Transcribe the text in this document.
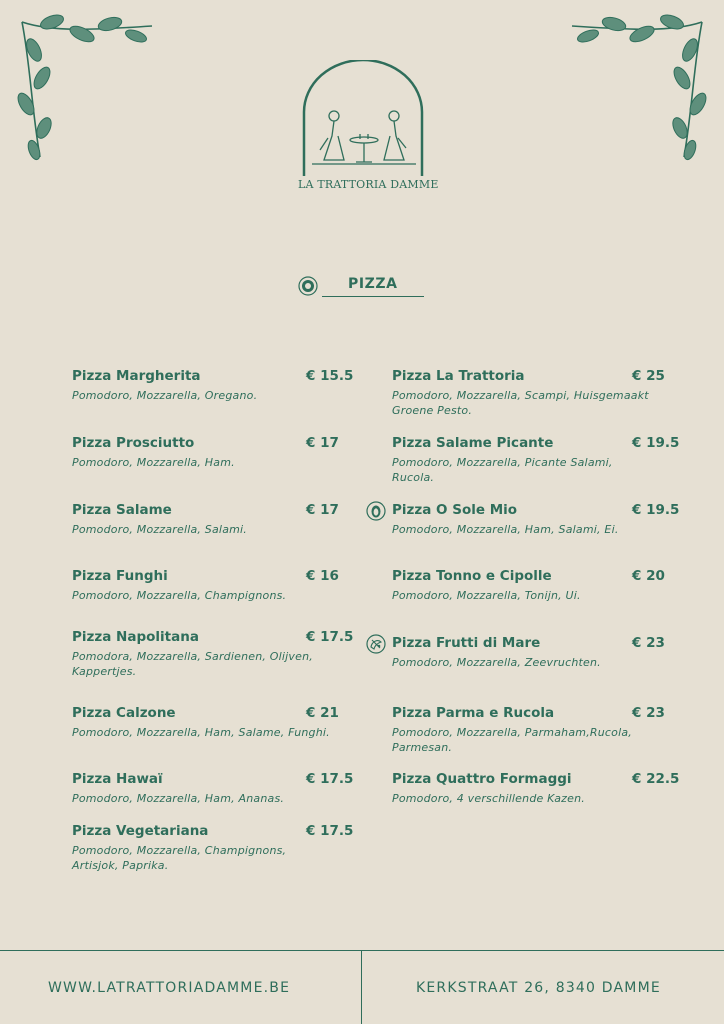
LA TRATTORIA DAMME
PIZZA
Pizza Margherita	€ 15.5
Pomodoro, Mozzarella, Oregano.
Pizza Prosciutto	€ 17
Pomodoro, Mozzarella, Ham.
Pizza Salame	€ 17
Pomodoro, Mozzarella, Salami.
Pizza Funghi	€ 16
Pomodoro, Mozzarella, Champignons.
Pizza Napolitana	€ 17.5
Pomodora, Mozzarella, Sardienen, Olijven, Kappertjes.
Pizza Calzone	€ 21
Pomodoro, Mozzarella, Ham, Salame, Funghi.
Pizza Hawaï	€ 17.5
Pomodoro, Mozzarella, Ham, Ananas.
Pizza Vegetariana	€ 17.5
Pomodoro, Mozzarella, Champignons, Artisjok, Paprika.
Pizza La Trattoria	€ 25
Pomodoro, Mozzarella, Scampi, Huisgemaakt Groene Pesto.
Pizza Salame Picante	€ 19.5
Pomodoro, Mozzarella, Picante Salami, Rucola.
Pizza O Sole Mio	€ 19.5
Pomodoro, Mozzarella, Ham, Salami, Ei.
Pizza Tonno e Cipolle	€ 20
Pomodoro, Mozzarella, Tonijn, Ui.
Pizza Frutti di Mare	€ 23
Pomodoro, Mozzarella, Zeevruchten.
Pizza Parma e Rucola	€ 23
Pomodoro, Mozzarella, Parmaham,Rucola, Parmesan.
Pizza Quattro Formaggi	€ 22.5
Pomodoro, 4 verschillende Kazen.
WWW.LATRATTORIADAMME.BE	KERKSTRAAT 26, 8340 DAMME
